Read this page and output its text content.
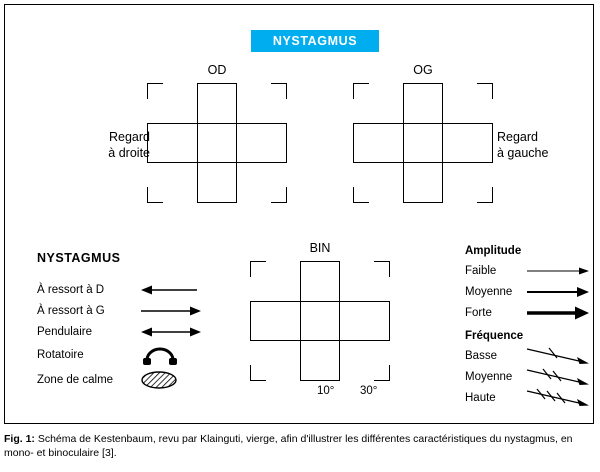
NYSTAGMUS
OD	OG
BIN
Regard
à droite
Regard
à gauche
10° 30°
NYSTAGMUS
À ressort à D
À ressort à G
Pendulaire
Rotatoire
Zone de calme
Amplitude
Faible
Moyenne
Forte
Fréquence
Basse
Moyenne
Haute
Fig. 1: Schéma de Kestenbaum, revu par Klainguti, vierge, afin d'illustrer les différentes caractéristiques du nystagmus, en mono- et binoculaire [3].
